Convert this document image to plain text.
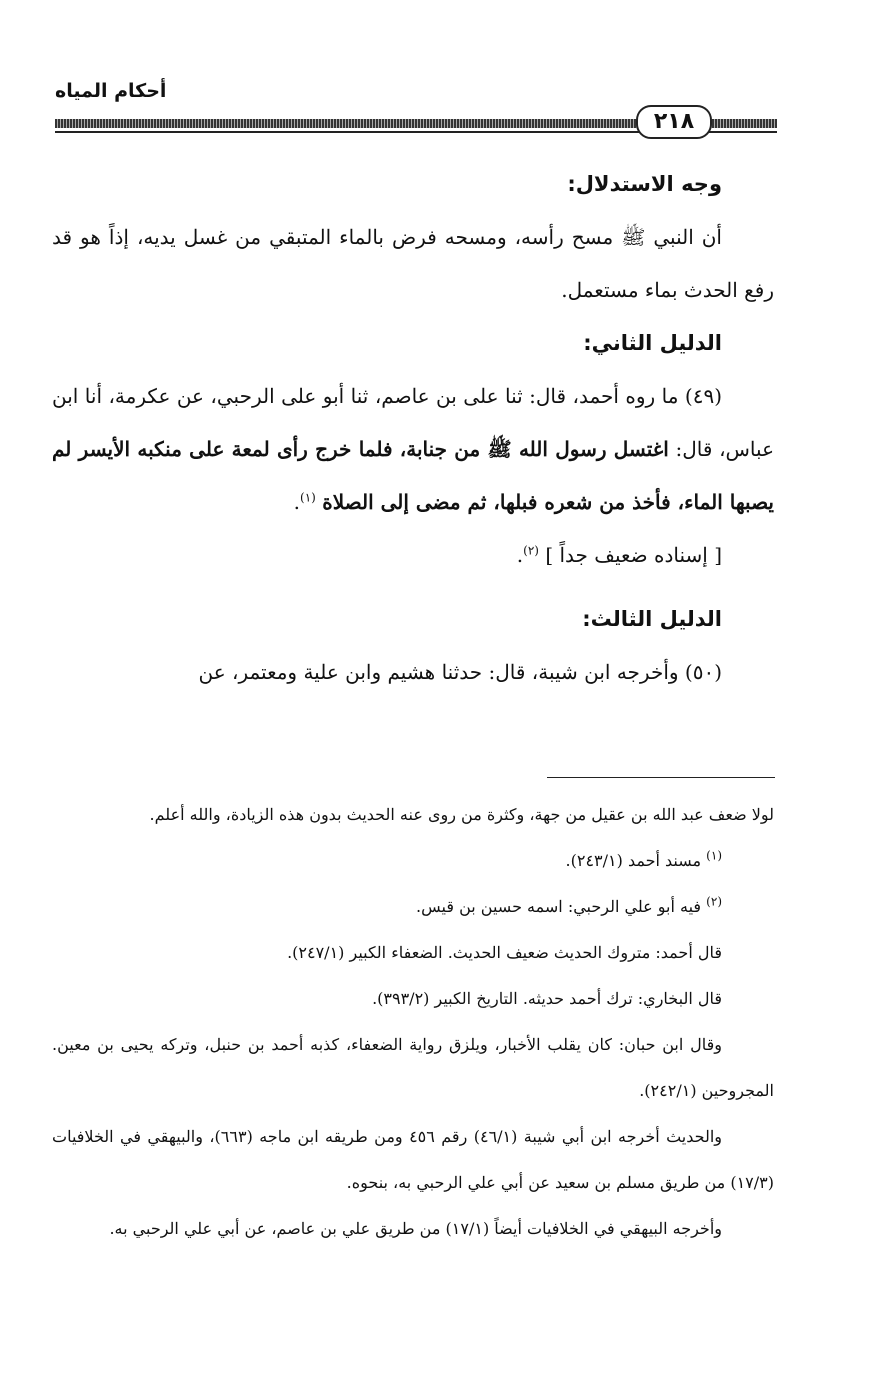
أحكام المياه
٢١٨

وجه الاستدلال:

أن النبي ﷺ مسح رأسه، ومسحه فرض بالماء المتبقي من غسل يديه، إذاً هو قد رفع الحدث بماء مستعمل.

الدليل الثاني:

(٤٩) ما روه أحمد، قال: ثنا على بن عاصم، ثنا أبو على الرحبي، عن عكرمة، أنا ابن عباس، قال: اغتسل رسول الله ﷺ من جنابة، فلما خرج رأى لمعة على منكبه الأيسر لم يصبها الماء، فأخذ من شعره فبلها، ثم مضى إلى الصلاة $^{(١)}$.

[ إسناده ضعيف جداً ] $^{(٢)}$.

الدليل الثالث:

(٥٠) وأخرجه ابن شيبة، قال: حدثنا هشيم وابن علية ومعتمر، عن

لولا ضعف عبد الله بن عقيل من جهة، وكثرة من روى عنه الحديث بدون هذه الزيادة، والله أعلم.

$^{(١)}$ مسند أحمد (٢٤٣/١).

$^{(٢)}$ فيه أبو علي الرحبي: اسمه حسين بن قيس.

قال أحمد: متروك الحديث ضعيف الحديث. الضعفاء الكبير (٢٤٧/١).

قال البخاري: ترك أحمد حديثه. التاريخ الكبير (٣٩٣/٢).

وقال ابن حبان: كان يقلب الأخبار، ويلزق رواية الضعفاء، كذبه أحمد بن حنبل، وتركه يحيى بن معين. المجروحين (٢٤٢/١).

والحديث أخرجه ابن أبي شيبة (٤٦/١) رقم ٤٥٦ ومن طريقه ابن ماجه (٦٦٣)، والبيهقي في الخلافيات (١٧/٣) من طريق مسلم بن سعيد عن أبي علي الرحبي به، بنحوه.

وأخرجه البيهقي في الخلافيات أيضاً (١٧/١) من طريق علي بن عاصم، عن أبي علي الرحبي به.
